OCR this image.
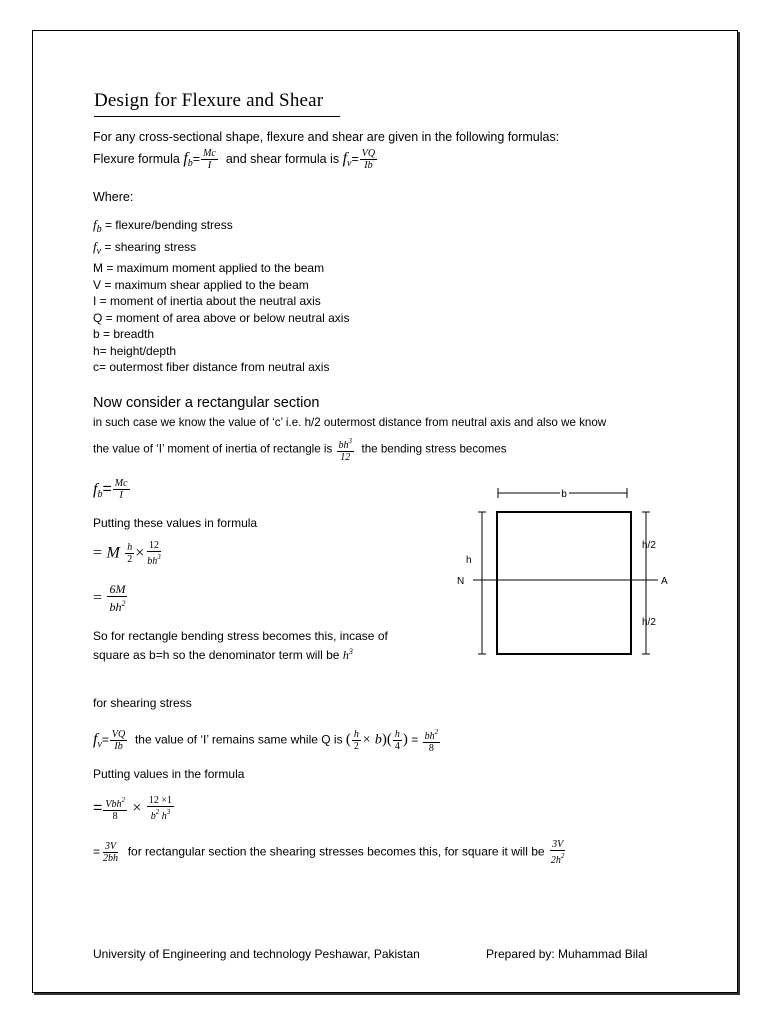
Design for Flexure and Shear
For any cross-sectional shape, flexure and shear are given in the following formulas:
Flexure formula $f_b= \frac{Mc}{I}$ and shear formula is $f_v= \frac{VQ}{Ib}$
Where:
$f_b$ = flexure/bending stress
$f_v$ = shearing stress
M = maximum moment applied to the beam
V = maximum shear applied to the beam
I = moment of inertia about the neutral axis
Q = moment of area above or below neutral axis
b = breadth
h= height/depth
c= outermost fiber distance from neutral axis
Now consider a rectangular section
in such case we know the value of ‘c’ i.e. h/2 outermost distance from neutral axis and also we know
the value of ‘I’ moment of inertia of rectangle is $\frac{bh^3}{12}$ the bending stress becomes
$f_b= \frac{Mc}{I}$
Putting these values in formula
= M $\frac{h}{2} \times \frac{12}{bh^3}$
= $\frac{6M}{bh^2}$
So for rectangle bending stress becomes this, incase of
square as b=h so the denominator term will be $h^3$
for shearing stress
$f_v= \frac{VQ}{Ib}$ the value of ‘I’ remains same while Q is ( $\frac{h}{2} \times b)( \frac{h}{4}$ ) = $\frac{bh^2}{8}$
Putting values in the formula
= $\frac{Vbh^2}{8} \times \frac{12 \times 1}{b^2 h^3}$
= $\frac{3V}{2bh}$ for rectangular section the shearing stresses becomes this, for square it will be $\frac{3V}{2h^2}$
b
N	A
h
h/2
h/2
University of Engineering and technology Peshawar, Pakistan	Prepared by: Muhammad Bilal
